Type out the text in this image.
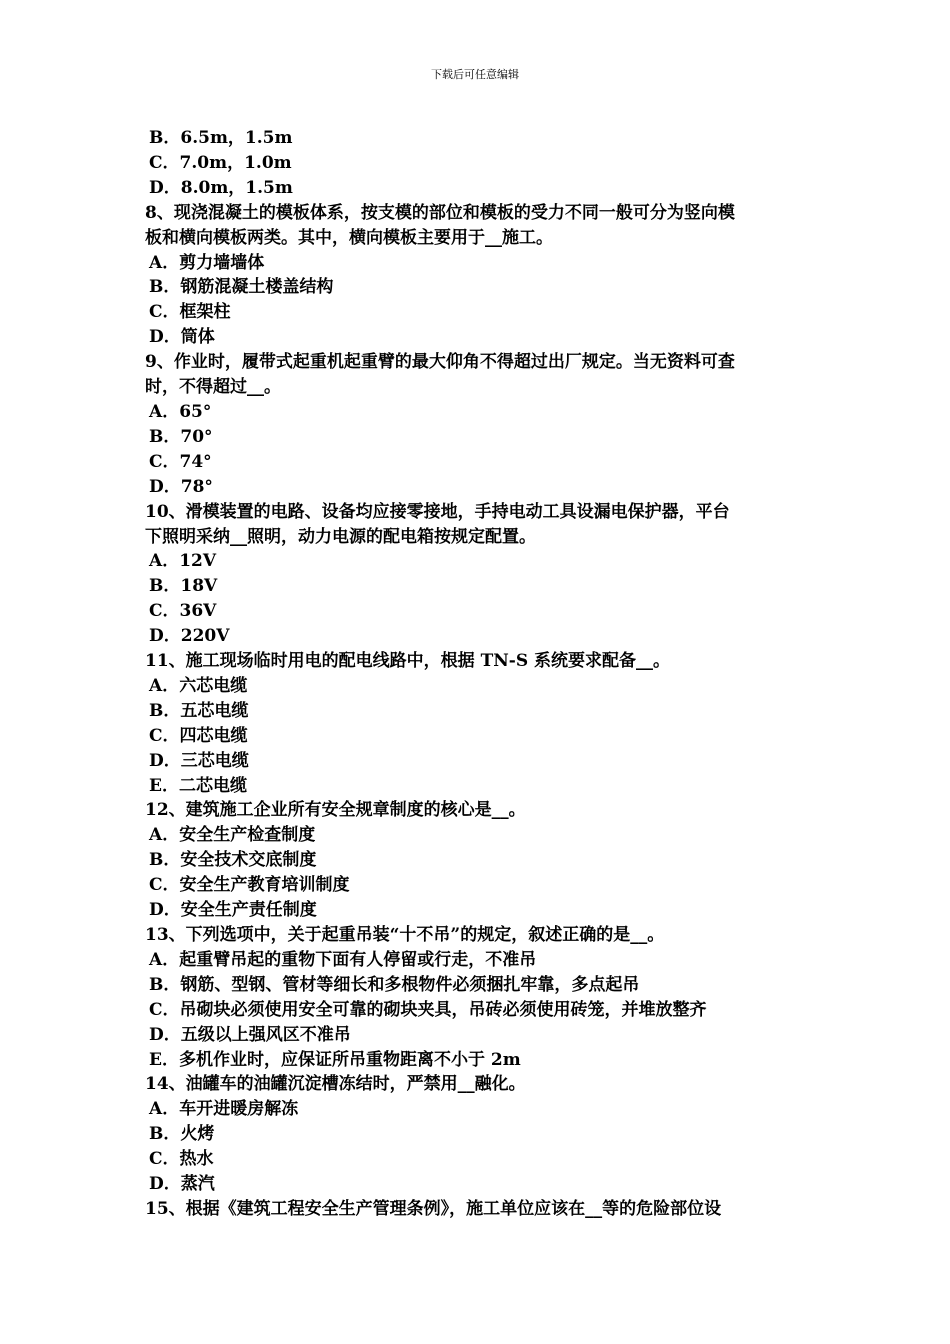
下载后可任意编辑
B．6.5m，1.5m
C．7.0m，1.0m
D．8.0m，1.5m
8、现浇混凝土的模板体系，按支模的部位和模板的受力不同一般可分为竖向模
板和横向模板两类。其中，横向模板主要用于__施工。
A．剪力墙墙体
B．钢筋混凝土楼盖结构
C．框架柱
D．筒体
9、作业时，履带式起重机起重臂的最大仰角不得超过出厂规定。当无资料可查
时，不得超过__。
A．65°
B．70°
C．74°
D．78°
10、滑模装置的电路、设备均应接零接地，手持电动工具设漏电保护器，平台
下照明采纳__照明，动力电源的配电箱按规定配置。
A．12V
B．18V
C．36V
D．220V
11、施工现场临时用电的配电线路中，根据 TN-S 系统要求配备__。
A．六芯电缆
B．五芯电缆
C．四芯电缆
D．三芯电缆
E．二芯电缆
12、建筑施工企业所有安全规章制度的核心是__。
A．安全生产检查制度
B．安全技术交底制度
C．安全生产教育培训制度
D．安全生产责任制度
13、下列选项中，关于起重吊装“十不吊”的规定，叙述正确的是__。
A．起重臂吊起的重物下面有人停留或行走，不准吊
B．钢筋、型钢、管材等细长和多根物件必须捆扎牢靠，多点起吊
C．吊砌块必须使用安全可靠的砌块夹具，吊砖必须使用砖笼，并堆放整齐
D．五级以上强风区不准吊
E．多机作业时，应保证所吊重物距离不小于 2m
14、油罐车的油罐沉淀槽冻结时，严禁用__融化。
A．车开进暖房解冻
B．火烤
C．热水
D．蒸汽
15、根据《建筑工程安全生产管理条例》，施工单位应该在__等的危险部位设
